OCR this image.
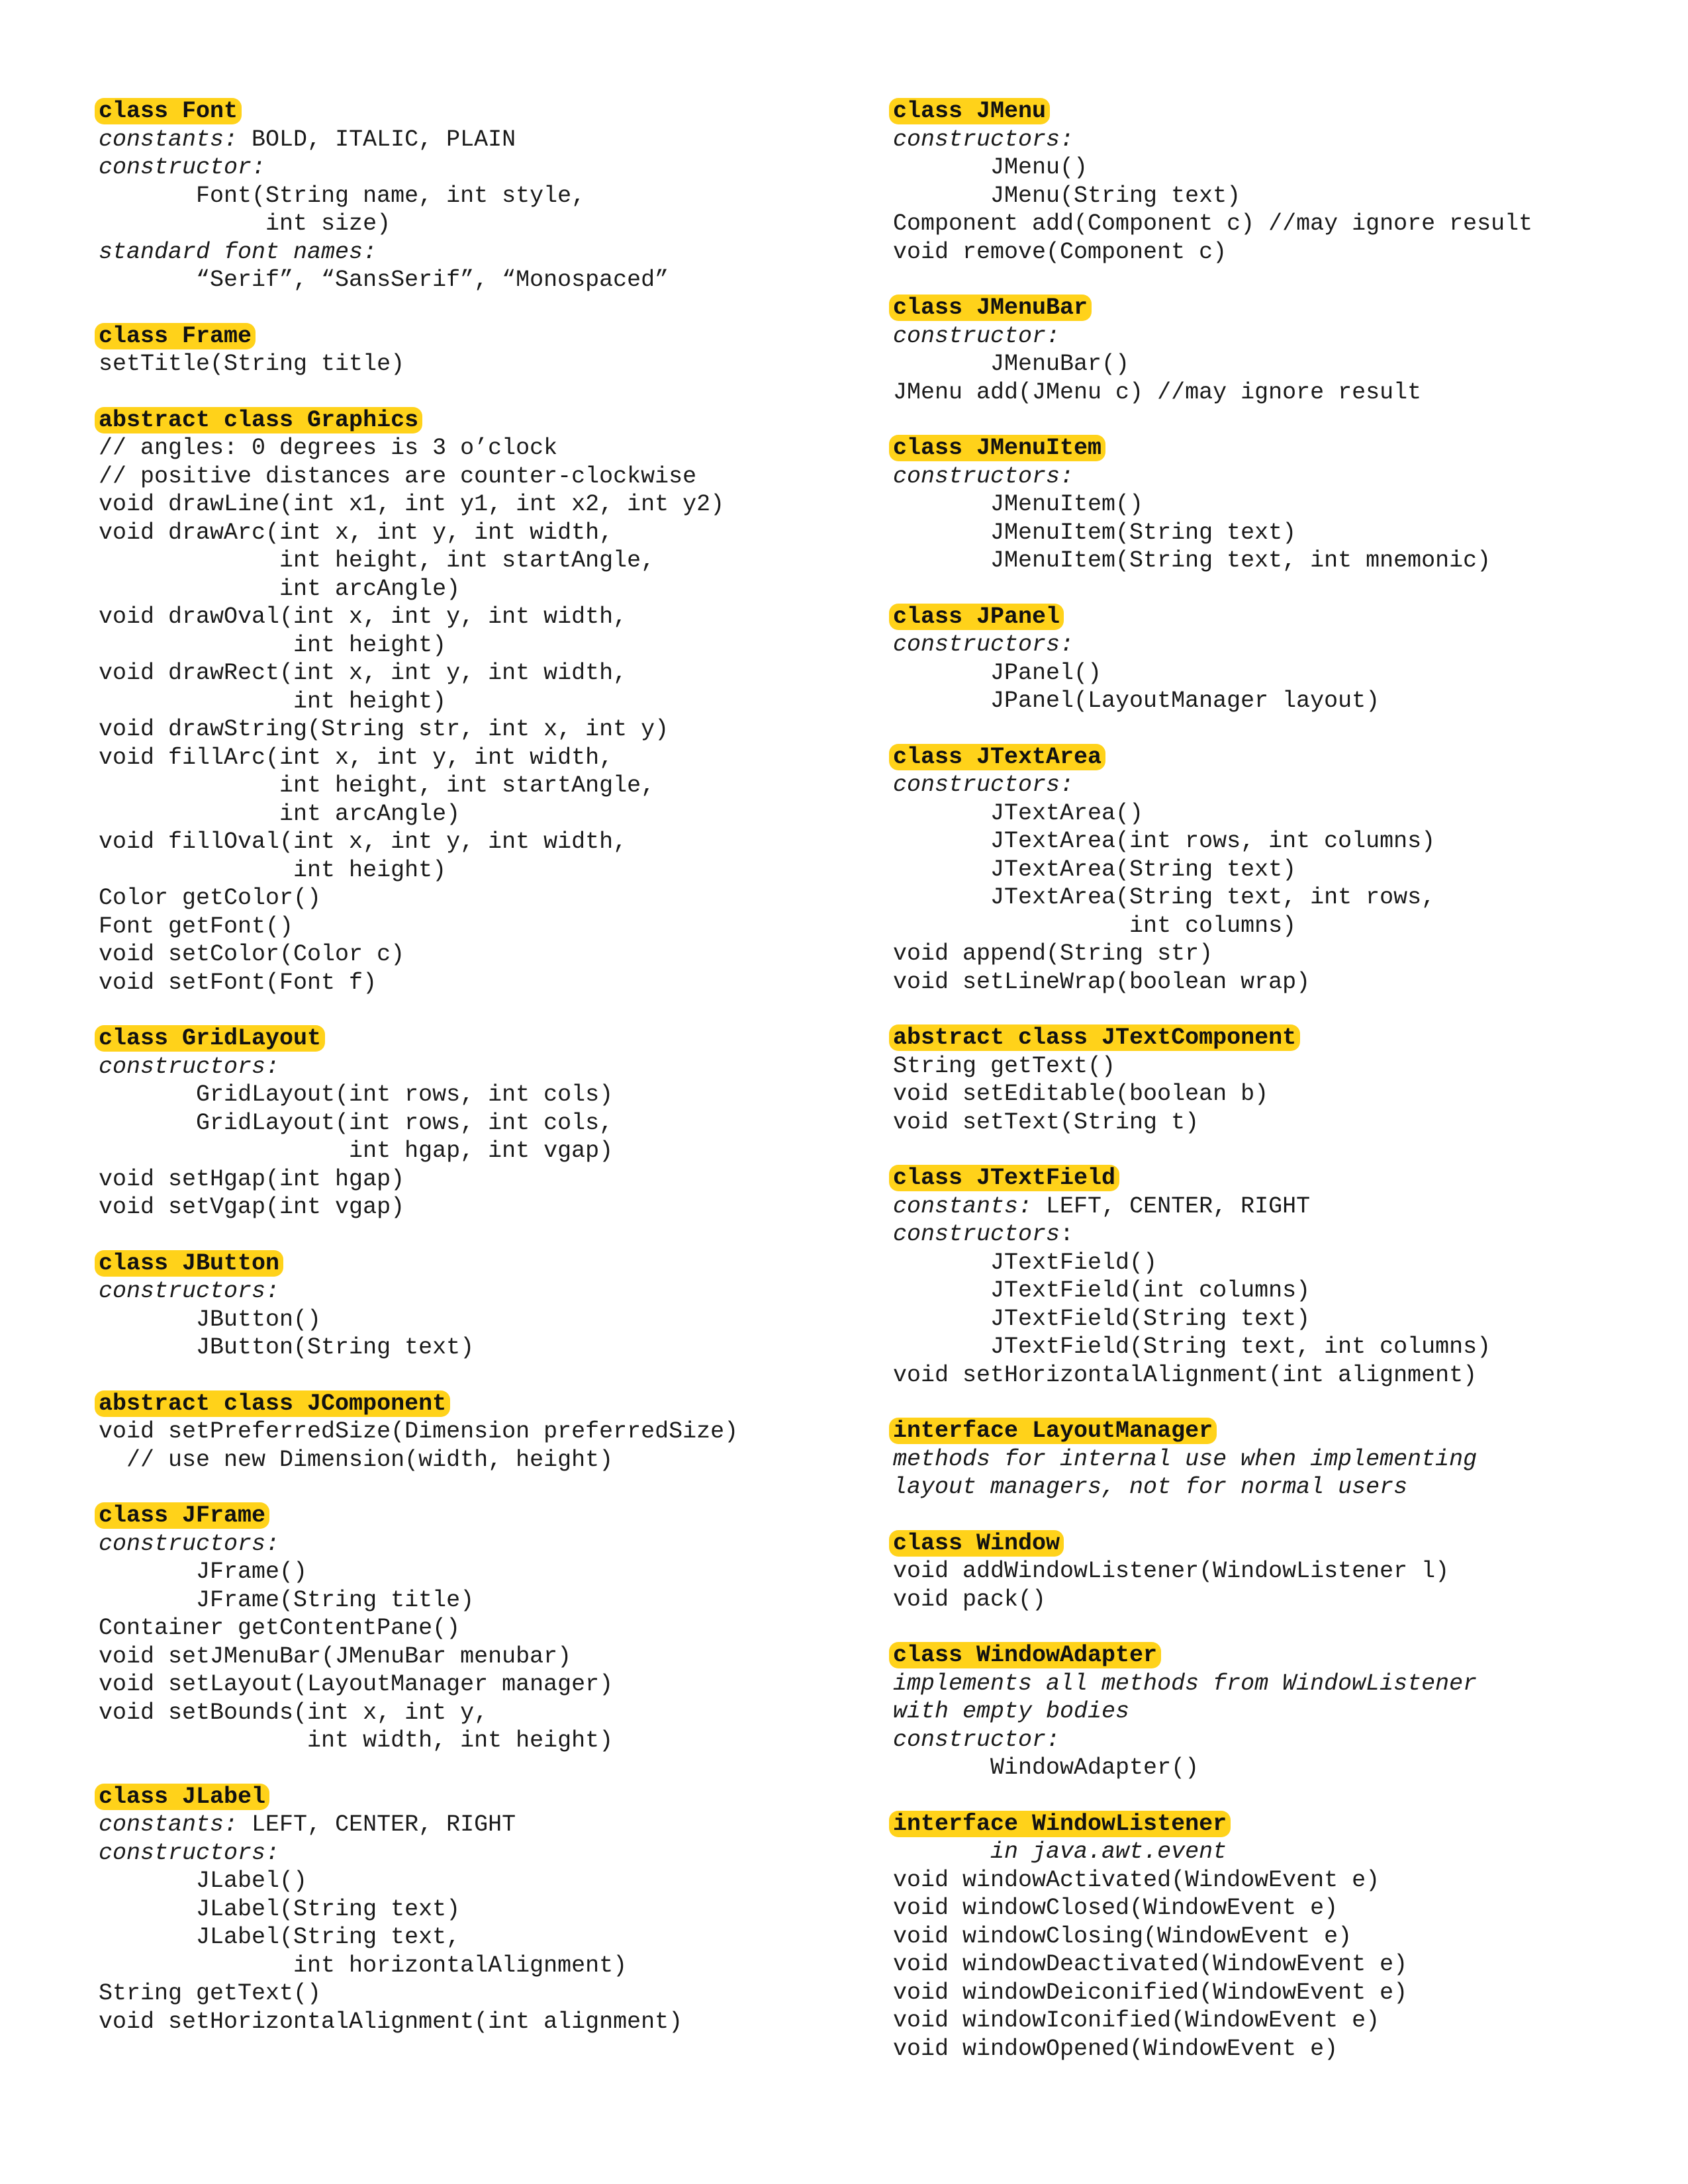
class Font
constants: BOLD, ITALIC, PLAIN
constructor:
Font(String name, int style,
int size)
standard font names:
“Serif”, “SansSerif”, “Monospaced”
class Frame
setTitle(String title)
abstract class Graphics
// angles: 0 degrees is 3 o’clock
// positive distances are counter-clockwise
void drawLine(int x1, int y1, int x2, int y2)
void drawArc(int x, int y, int width,
int height, int startAngle,
int arcAngle)
void drawOval(int x, int y, int width,
int height)
void drawRect(int x, int y, int width,
int height)
void drawString(String str, int x, int y)
void fillArc(int x, int y, int width,
int height, int startAngle,
int arcAngle)
void fillOval(int x, int y, int width,
int height)
Color getColor()
Font getFont()
void setColor(Color c)
void setFont(Font f)
class GridLayout
constructors:
GridLayout(int rows, int cols)
GridLayout(int rows, int cols,
int hgap, int vgap)
void setHgap(int hgap)
void setVgap(int vgap)
class JButton
constructors:
JButton()
JButton(String text)
abstract class JComponent
void setPreferredSize(Dimension preferredSize)
// use new Dimension(width, height)
class JFrame
constructors:
JFrame()
JFrame(String title)
Container getContentPane()
void setJMenuBar(JMenuBar menubar)
void setLayout(LayoutManager manager)
void setBounds(int x, int y,
int width, int height)
class JLabel
constants: LEFT, CENTER, RIGHT
constructors:
JLabel()
JLabel(String text)
JLabel(String text,
int horizontalAlignment)
String getText()
void setHorizontalAlignment(int alignment)
class JMenu
constructors:
JMenu()
JMenu(String text)
Component add(Component c) //may ignore result
void remove(Component c)
class JMenuBar
constructor:
JMenuBar()
JMenu add(JMenu c) //may ignore result
class JMenuItem
constructors:
JMenuItem()
JMenuItem(String text)
JMenuItem(String text, int mnemonic)
class JPanel
constructors:
JPanel()
JPanel(LayoutManager layout)
class JTextArea
constructors:
JTextArea()
JTextArea(int rows, int columns)
JTextArea(String text)
JTextArea(String text, int rows,
int columns)
void append(String str)
void setLineWrap(boolean wrap)
abstract class JTextComponent
String getText()
void setEditable(boolean b)
void setText(String t)
class JTextField
constants: LEFT, CENTER, RIGHT
constructors:
JTextField()
JTextField(int columns)
JTextField(String text)
JTextField(String text, int columns)
void setHorizontalAlignment(int alignment)
interface LayoutManager
methods for internal use when implementing
layout managers, not for normal users
class Window
void addWindowListener(WindowListener l)
void pack()
class WindowAdapter
implements all methods from WindowListener
with empty bodies
constructor:
WindowAdapter()
interface WindowListener
in java.awt.event
void windowActivated(WindowEvent e)
void windowClosed(WindowEvent e)
void windowClosing(WindowEvent e)
void windowDeactivated(WindowEvent e)
void windowDeiconified(WindowEvent e)
void windowIconified(WindowEvent e)
void windowOpened(WindowEvent e)
